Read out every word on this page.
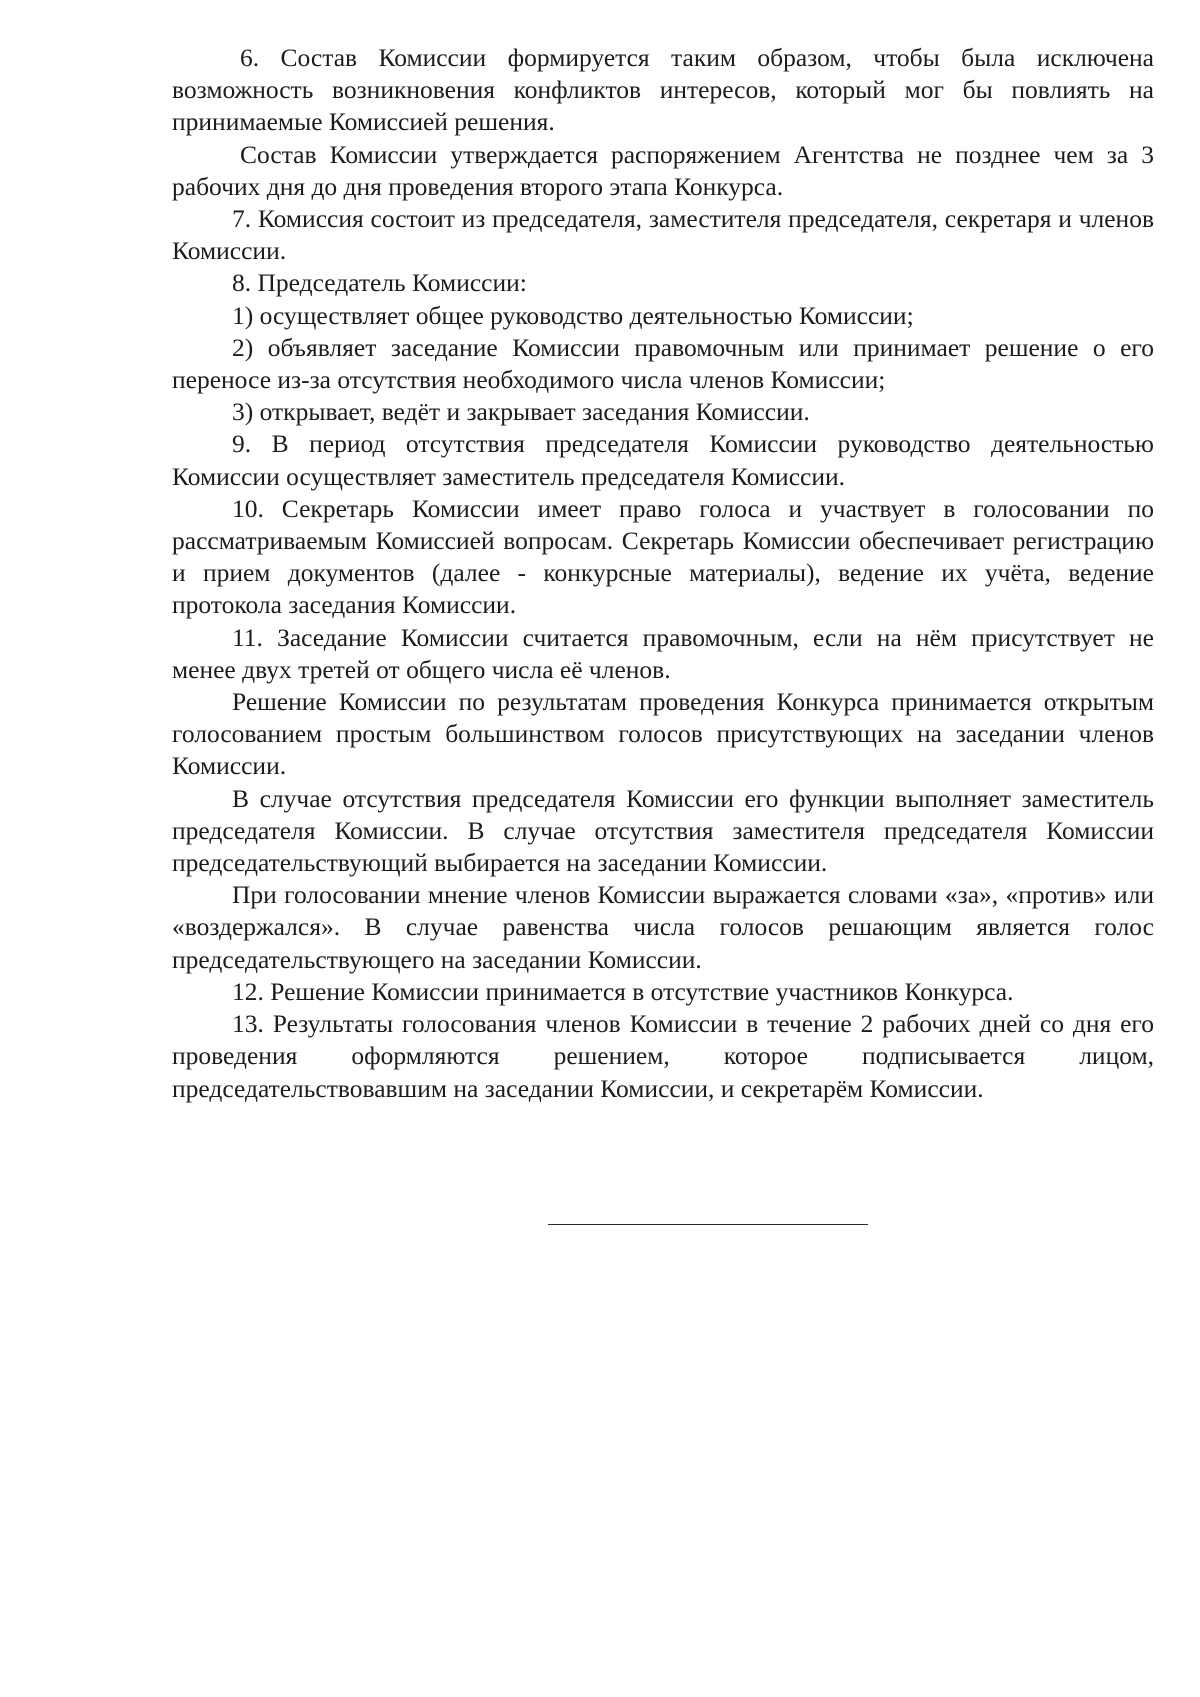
6. Состав Комиссии формируется таким образом, чтобы была исключена возможность возникновения конфликтов интересов, который мог бы повлиять на принимаемые Комиссией решения.

Состав Комиссии утверждается распоряжением Агентства не позднее чем за 3 рабочих дня до дня проведения второго этапа Конкурса.

7. Комиссия состоит из председателя, заместителя председателя, секретаря и членов Комиссии.

8. Председатель Комиссии:

1) осуществляет общее руководство деятельностью Комиссии;

2) объявляет заседание Комиссии правомочным или принимает решение о его переносе из-за отсутствия необходимого числа членов Комиссии;

3) открывает, ведёт и закрывает заседания Комиссии.

9. В период отсутствия председателя Комиссии руководство деятельностью Комиссии осуществляет заместитель председателя Комиссии.

10. Секретарь Комиссии имеет право голоса и участвует в голосовании по рассматриваемым Комиссией вопросам. Секретарь Комиссии обеспечивает регистрацию и прием документов (далее - конкурсные материалы), ведение их учёта, ведение протокола заседания Комиссии.

11. Заседание Комиссии считается правомочным, если на нём присутствует не менее двух третей от общего числа её членов.

Решение Комиссии по результатам проведения Конкурса принимается открытым голосованием простым большинством голосов присутствующих на заседании членов Комиссии.

В случае отсутствия председателя Комиссии его функции выполняет заместитель председателя Комиссии. В случае отсутствия заместителя председателя Комиссии председательствующий выбирается на заседании Комиссии.

При голосовании мнение членов Комиссии выражается словами «за», «против» или «воздержался». В случае равенства числа голосов решающим является голос председательствующего на заседании Комиссии.

12. Решение Комиссии принимается в отсутствие участников Конкурса.

13. Результаты голосования членов Комиссии в течение 2 рабочих дней со дня его проведения оформляются решением, которое подписывается лицом, председательствовавшим на заседании Комиссии, и секретарём Комиссии.
